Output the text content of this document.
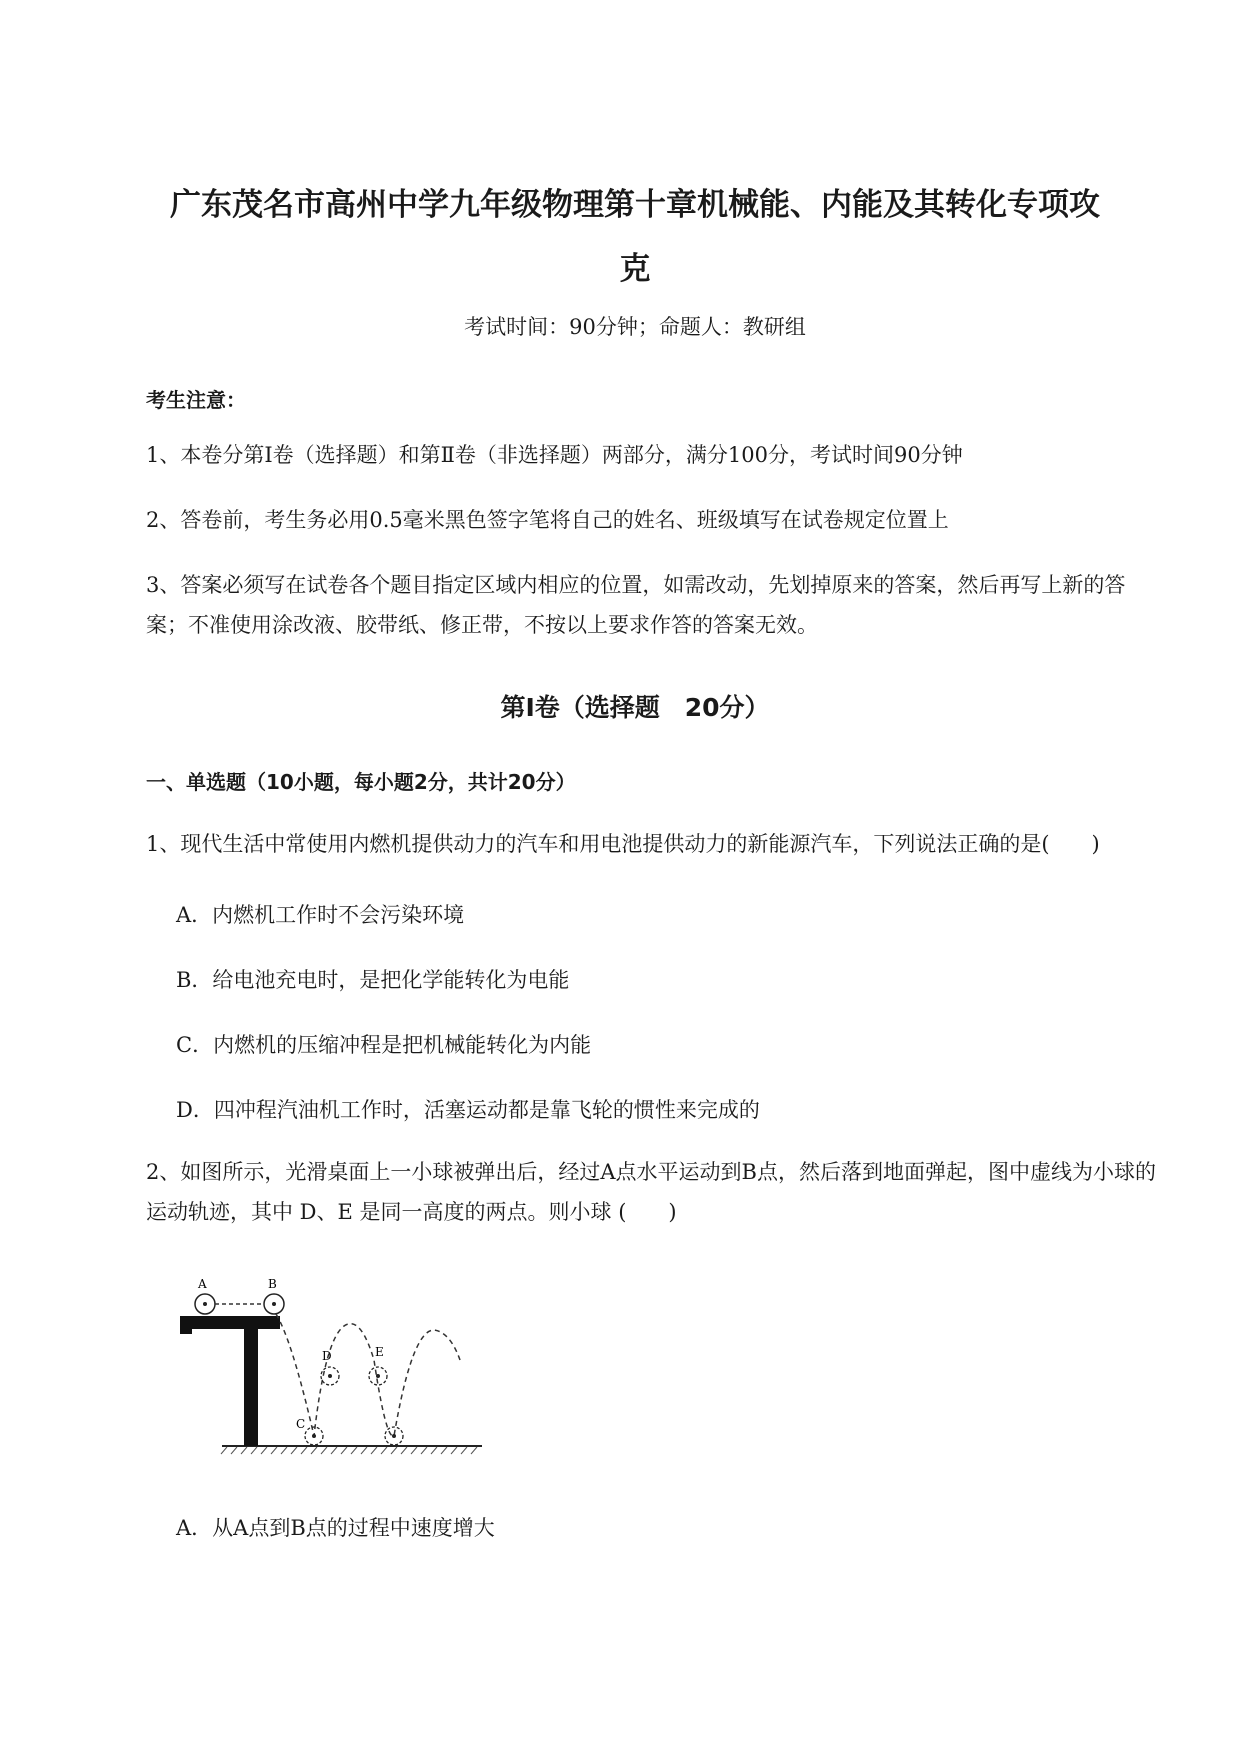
广东茂名市高州中学九年级物理第十章机械能、内能及其转化专项攻
克
考试时间：90分钟；命题人：教研组
考生注意：
1、本卷分第Ⅰ卷（选择题）和第Ⅱ卷（非选择题）两部分，满分100分，考试时间90分钟
2、答卷前，考生务必用0.5毫米黑色签字笔将自己的姓名、班级填写在试卷规定位置上
3、答案必须写在试卷各个题目指定区域内相应的位置，如需改动，先划掉原来的答案，然后再写上新的答案；不准使用涂改液、胶带纸、修正带，不按以上要求作答的答案无效。
第Ⅰ卷（选择题　20分）
一、单选题（10小题，每小题2分，共计20分）
1、现代生活中常使用内燃机提供动力的汽车和用电池提供动力的新能源汽车，下列说法正确的是(　　)
A．内燃机工作时不会污染环境
B．给电池充电时，是把化学能转化为电能
C．内燃机的压缩冲程是把机械能转化为内能
D．四冲程汽油机工作时，活塞运动都是靠飞轮的惯性来完成的
2、如图所示，光滑桌面上一小球被弹出后，经过A点水平运动到B点，然后落到地面弹起，图中虚线为小球的运动轨迹，其中 D、E 是同一高度的两点。则小球 (　　)
A	B
C
D	E
A．从A点到B点的过程中速度增大
